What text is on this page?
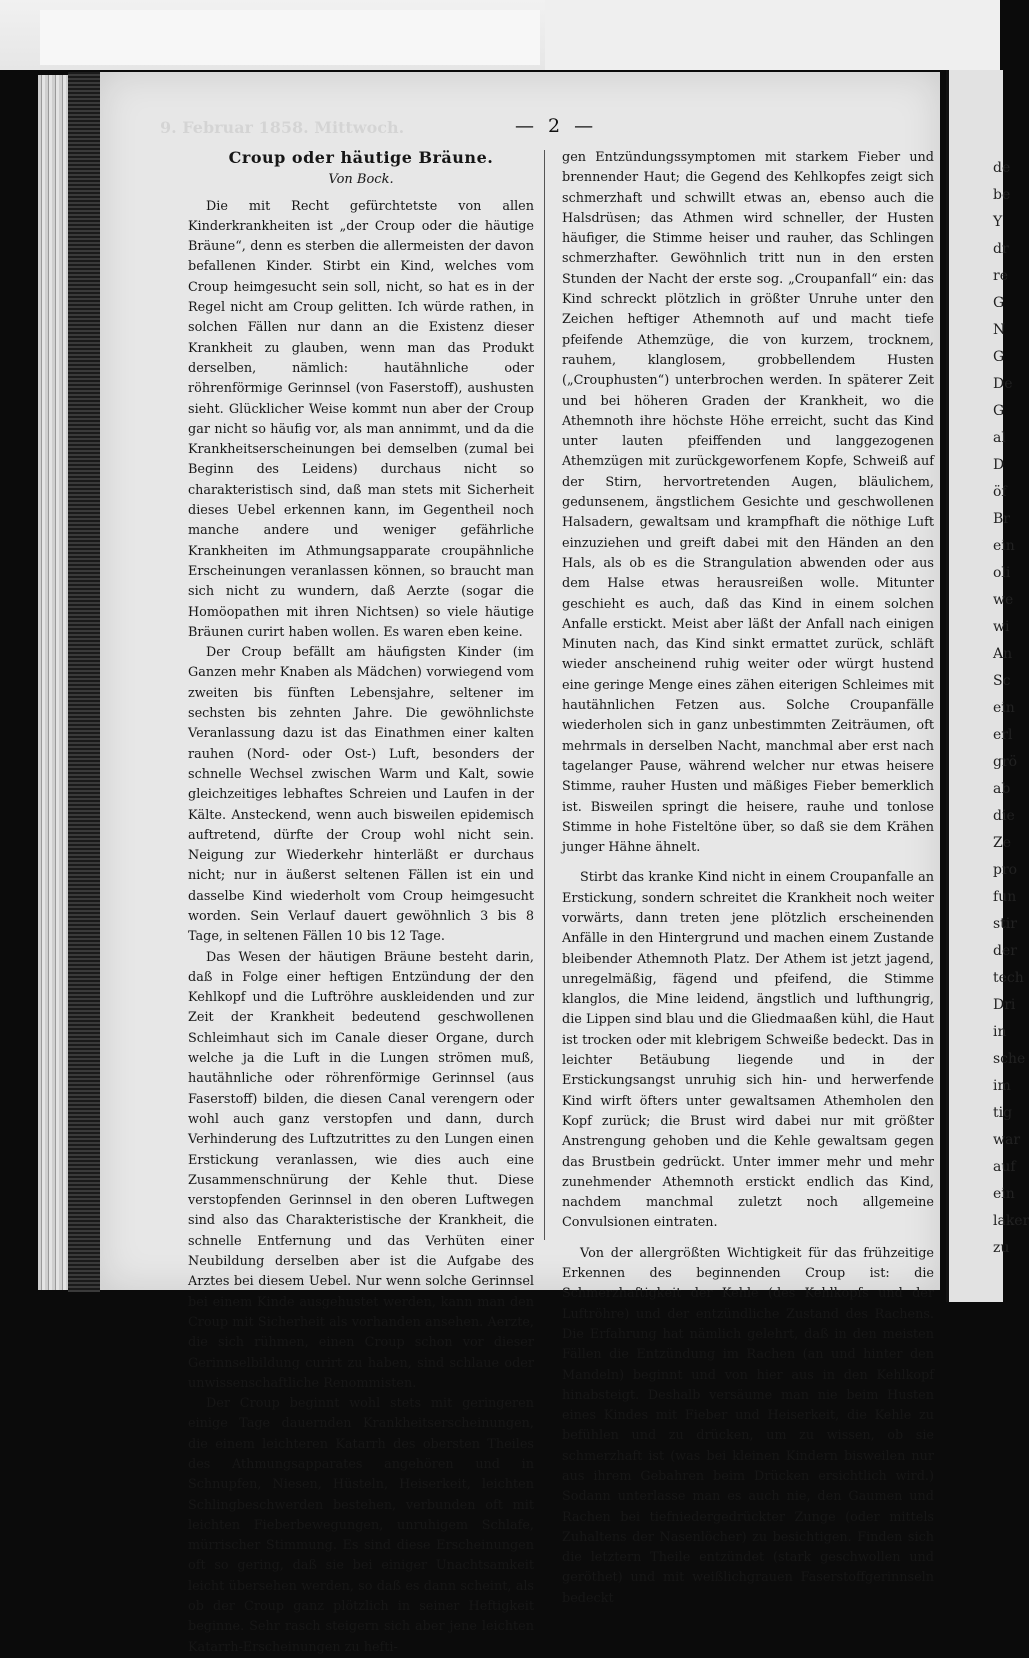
de
be
Y
dr
re
G
N
G
De
G
al
D
öf
Br
ein
oli
we
wi
An
Sc
ein
erl
grö
ab
die
Ze
pro
fun
stir
der
tech
Dri
in
sche
im
tig
war
auf
ein
laker
zu
9. Februar 1858. Mittwoch.	— 2 —
Croup oder häutige Bräune.
Von Bock.

Die mit Recht gefürchtetste von allen Kinderkrankheiten ist „der Croup oder die häutige Bräune“, denn es sterben die allermeisten der davon befallenen Kinder. Stirbt ein Kind, welches vom Croup heimgesucht sein soll, nicht, so hat es in der Regel nicht am Croup gelitten. Ich würde rathen, in solchen Fällen nur dann an die Existenz dieser Krankheit zu glauben, wenn man das Produkt derselben, nämlich: hautähnliche oder röhrenförmige Gerinnsel (von Faserstoff), aushusten sieht. Glücklicher Weise kommt nun aber der Croup gar nicht so häufig vor, als man annimmt, und da die Krankheitserscheinungen bei demselben (zumal bei Beginn des Leidens) durchaus nicht so charakteristisch sind, daß man stets mit Sicherheit dieses Uebel erkennen kann, im Gegentheil noch manche andere und weniger gefährliche Krankheiten im Athmungsapparate croupähnliche Erscheinungen veranlassen können, so braucht man sich nicht zu wundern, daß Aerzte (sogar die Homöopathen mit ihren Nichtsen) so viele häutige Bräunen curirt haben wollen. Es waren eben keine.

Der Croup befällt am häufigsten Kinder (im Ganzen mehr Knaben als Mädchen) vorwiegend vom zweiten bis fünften Lebensjahre, seltener im sechsten bis zehnten Jahre. Die gewöhnlichste Veranlassung dazu ist das Einathmen einer kalten rauhen (Nord- oder Ost-) Luft, besonders der schnelle Wechsel zwischen Warm und Kalt, sowie gleichzeitiges lebhaftes Schreien und Laufen in der Kälte. Ansteckend, wenn auch bisweilen epidemisch auftretend, dürfte der Croup wohl nicht sein. Neigung zur Wiederkehr hinterläßt er durchaus nicht; nur in äußerst seltenen Fällen ist ein und dasselbe Kind wiederholt vom Croup heimgesucht worden. Sein Verlauf dauert gewöhnlich 3 bis 8 Tage, in seltenen Fällen 10 bis 12 Tage.

Das Wesen der häutigen Bräune besteht darin, daß in Folge einer heftigen Entzündung der den Kehlkopf und die Luftröhre auskleidenden und zur Zeit der Krankheit bedeutend geschwollenen Schleimhaut sich im Canale dieser Organe, durch welche ja die Luft in die Lungen strömen muß, hautähnliche oder röhrenförmige Gerinnsel (aus Faserstoff) bilden, die diesen Canal verengern oder wohl auch ganz verstopfen und dann, durch Verhinderung des Luftzutrittes zu den Lungen einen Erstickung veranlassen, wie dies auch eine Zusammenschnürung der Kehle thut. Diese verstopfenden Gerinnsel in den oberen Luftwegen sind also das Charakteristische der Krankheit, die schnelle Entfernung und das Verhüten einer Neubildung derselben aber ist die Aufgabe des Arztes bei diesem Uebel. Nur wenn solche Gerinnsel bei einem Kinde ausgehustet werden, kann man den Croup mit Sicherheit als vorhanden ansehen. Aerzte, die sich rühmen, einen Croup schon vor dieser Gerinnselbildung curirt zu haben, sind schlaue oder unwissenschaftliche Renommisten.

Der Croup beginnt wohl stets mit geringeren einige Tage dauernden Krankheitserscheinungen, die einem leichteren Katarrh des obersten Theiles des Athmungsapparates angehören und in Schnupfen, Niesen, Hüsteln, Heiserkeit, leichten Schlingbeschwerden bestehen, verbunden oft mit leichten Fieberbewegungen, unruhigem Schlafe, mürrischer Stimmung. Es sind diese Erscheinungen oft so gering, daß sie bei einiger Unachtsamkeit leicht übersehen werden, so daß es dann scheint, als ob der Croup ganz plötzlich in seiner Heftigkeit beginne. Sehr rasch steigern sich aber jene leichten Katarrh-Erscheinungen zu hefti-

gen Entzündungssymptomen mit starkem Fieber und brennender Haut; die Gegend des Kehlkopfes zeigt sich schmerzhaft und schwillt etwas an, ebenso auch die Halsdrüsen; das Athmen wird schneller, der Husten häufiger, die Stimme heiser und rauher, das Schlingen schmerzhafter. Gewöhnlich tritt nun in den ersten Stunden der Nacht der erste sog. „Croupanfall“ ein: das Kind schreckt plötzlich in größter Unruhe unter den Zeichen heftiger Athemnoth auf und macht tiefe pfeifende Athemzüge, die von kurzem, trocknem, rauhem, klanglosem, grobbellendem Husten („Crouphusten“) unterbrochen werden. In späterer Zeit und bei höheren Graden der Krankheit, wo die Athemnoth ihre höchste Höhe erreicht, sucht das Kind unter lauten pfeiffenden und langgezogenen Athemzügen mit zurückgeworfenem Kopfe, Schweiß auf der Stirn, hervortretenden Augen, bläulichem, gedunsenem, ängstlichem Gesichte und geschwollenen Halsadern, gewaltsam und krampfhaft die nöthige Luft einzuziehen und greift dabei mit den Händen an den Hals, als ob es die Strangulation abwenden oder aus dem Halse etwas herausreißen wolle. Mitunter geschieht es auch, daß das Kind in einem solchen Anfalle erstickt. Meist aber läßt der Anfall nach einigen Minuten nach, das Kind sinkt ermattet zurück, schläft wieder anscheinend ruhig weiter oder würgt hustend eine geringe Menge eines zähen eiterigen Schleimes mit hautähnlichen Fetzen aus. Solche Croupanfälle wiederholen sich in ganz unbestimmten Zeiträumen, oft mehrmals in derselben Nacht, manchmal aber erst nach tagelanger Pause, während welcher nur etwas heisere Stimme, rauher Husten und mäßiges Fieber bemerklich ist. Bisweilen springt die heisere, rauhe und tonlose Stimme in hohe Fisteltöne über, so daß sie dem Krähen junger Hähne ähnelt.

Stirbt das kranke Kind nicht in einem Croupanfalle an Erstickung, sondern schreitet die Krankheit noch weiter vorwärts, dann treten jene plötzlich erscheinenden Anfälle in den Hintergrund und machen einem Zustande bleibender Athemnoth Platz. Der Athem ist jetzt jagend, unregelmäßig, fägend und pfeifend, die Stimme klanglos, die Mine leidend, ängstlich und lufthungrig, die Lippen sind blau und die Gliedmaaßen kühl, die Haut ist trocken oder mit klebrigem Schweiße bedeckt. Das in leichter Betäubung liegende und in der Erstickungsangst unruhig sich hin- und herwerfende Kind wirft öfters unter gewaltsamen Athemholen den Kopf zurück; die Brust wird dabei nur mit größter Anstrengung gehoben und die Kehle gewaltsam gegen das Brustbein gedrückt. Unter immer mehr und mehr zunehmender Athemnoth erstickt endlich das Kind, nachdem manchmal zuletzt noch allgemeine Convulsionen eintraten.

Von der allergrößten Wichtigkeit für das frühzeitige Erkennen des beginnenden Croup ist: die Schmerzhaftigkeit der Kehle (des Kehlkopfs und der Luftröhre) und der entzündliche Zustand des Rachens. Die Erfahrung hat nämlich gelehrt, daß in den meisten Fällen die Entzündung im Rachen (an und hinter den Mandeln) beginnt und von hier aus in den Kehlkopf hinabsteigt. Deshalb versäume man nie beim Husten eines Kindes mit Fieber und Heiserkeit, die Kehle zu befühlen und zu drücken, um zu wissen, ob sie schmerzhaft ist (was bei kleinen Kindern bisweilen nur aus ihrem Gebahren beim Drücken ersichtlich wird.) Sodann unterlasse man es auch nie, den Gaumen und Rachen bei tiefniedergedrückter Zunge (oder mittels Zuhaltens der Nasenlöcher) zu besichtigen. Finden sich die letztern Theile entzündet (stark geschwollen und geröthet) und mit weißlichgrauen Faserstoffgerinnseln bedeckt
